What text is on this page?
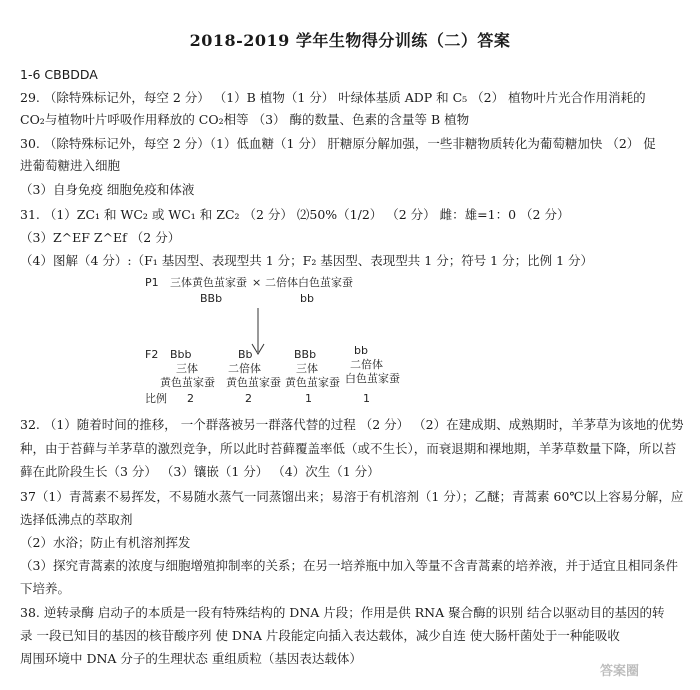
2018-2019 学年生物得分训练（二）答案
1-6 CBBDDA
29. （除特殊标记外，每空 2 分） （1）B 植物（1 分） 叶绿体基质 ADP 和 C₅ （2） 植物叶片光合作用消耗的
CO₂与植物叶片呼吸作用释放的 CO₂相等 （3） 酶的数量、色素的含量等 B 植物
30. （除特殊标记外，每空 2 分）（1）低血糖（1 分） 肝糖原分解加强，一些非糖物质转化为葡萄糖加快 （2） 促
进葡萄糖进入细胞
（3）自身免疫 细胞免疫和体液
31. （1）ZC₁ 和 WC₂ 或 WC₁ 和 ZC₂ （2 分） ⑵50%（1/2） （2 分） 雌：雄=1：0 （2 分）
（3）Z^EF Z^Ef （2 分）
（4）图解（4 分）:（F₁ 基因型、表现型共 1 分；F₂ 基因型、表现型共 1 分；符号 1 分；比例 1 分）
P1 三体黄色茧家蚕 × 二倍体白色茧家蚕
BBb	bb
F2
比例
Bbb
三体
黄色茧家蚕
2
Bb
二倍体
黄色茧家蚕
2
BBb
三体
黄色茧家蚕
1
bb
二倍体
白色茧家蚕
1
32. （1）随着时间的推移， 一个群落被另一群落代替的过程 （2 分） （2）在建成期、成熟期时，羊茅草为该地的优势
种，由于苔藓与羊茅草的激烈竞争，所以此时苔藓覆盖率低（或不生长），而衰退期和裸地期，羊茅草数量下降，所以苔
藓在此阶段生长（3 分） （3）镶嵌（1 分） （4）次生（1 分）
37（1）青蒿素不易挥发，不易随水蒸气一同蒸馏出来；易溶于有机溶剂（1 分）；乙醚；青蒿素 60℃以上容易分解，应
选择低沸点的萃取剂
（2）水浴；防止有机溶剂挥发
（3）探究青蒿素的浓度与细胞增殖抑制率的关系；在另一培养瓶中加入等量不含青蒿素的培养液，并于适宜且相同条件
下培养。
38. 逆转录酶 启动子的本质是一段有特殊结构的 DNA 片段；作用是供 RNA 聚合酶的识别 结合以驱动目的基因的转
录 一段已知目的基因的核苷酸序列 使 DNA 片段能定向插入表达载体，减少自连 使大肠杆菌处于一种能吸收
周围环境中 DNA 分子的生理状态 重组质粒（基因表达载体）
答案圈
